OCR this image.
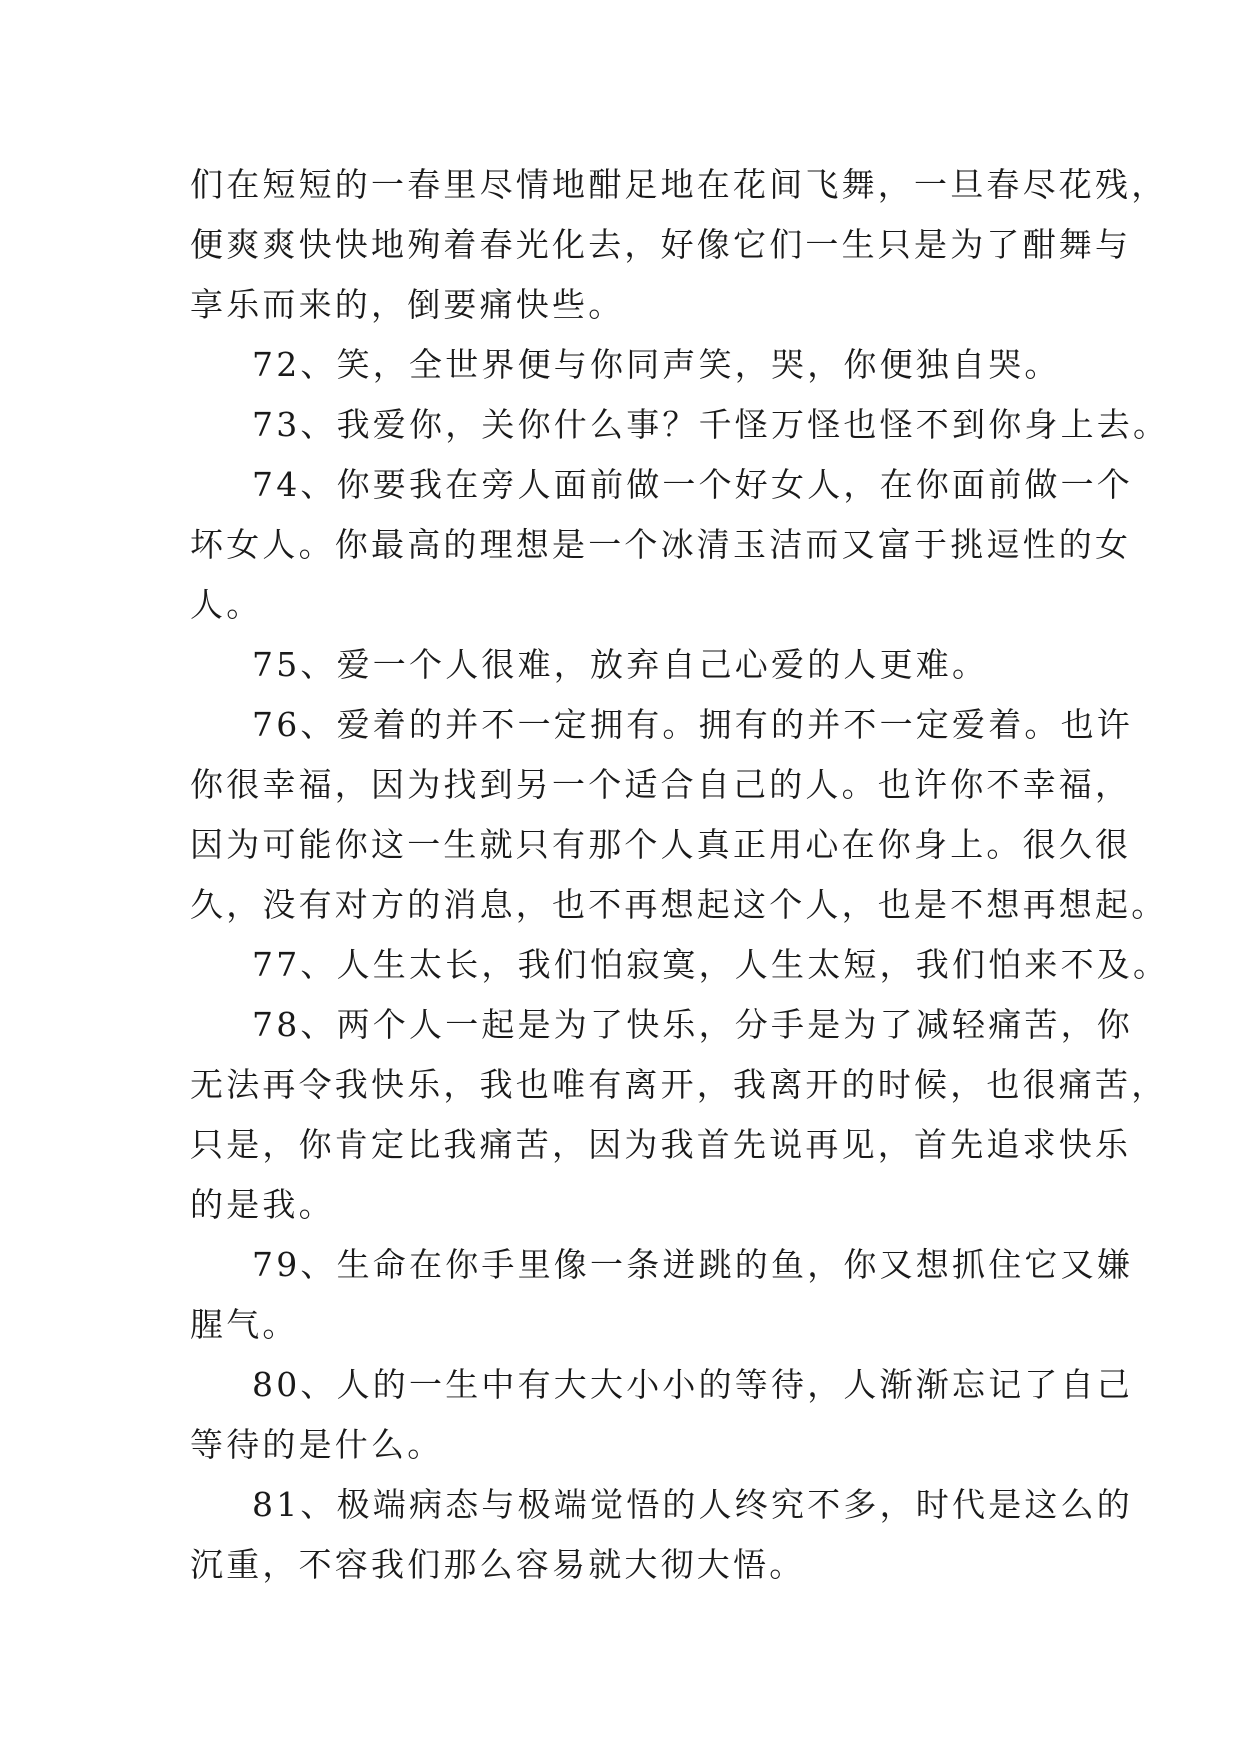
们在短短的一春里尽情地酣足地在花间飞舞，一旦春尽花残，
便爽爽快快地殉着春光化去，好像它们一生只是为了酣舞与
享乐而来的，倒要痛快些。
72、笑，全世界便与你同声笑，哭，你便独自哭。
73、我爱你，关你什么事？千怪万怪也怪不到你身上去。
74、你要我在旁人面前做一个好女人，在你面前做一个
坏女人。你最高的理想是一个冰清玉洁而又富于挑逗性的女
人。
75、爱一个人很难，放弃自己心爱的人更难。
76、爱着的并不一定拥有。拥有的并不一定爱着。也许
你很幸福，因为找到另一个适合自己的人。也许你不幸福，
因为可能你这一生就只有那个人真正用心在你身上。很久很
久，没有对方的消息，也不再想起这个人，也是不想再想起。
77、人生太长，我们怕寂寞，人生太短，我们怕来不及。
78、两个人一起是为了快乐，分手是为了减轻痛苦，你
无法再令我快乐，我也唯有离开，我离开的时候，也很痛苦，
只是，你肯定比我痛苦，因为我首先说再见，首先追求快乐
的是我。
79、生命在你手里像一条迸跳的鱼，你又想抓住它又嫌
腥气。
80、人的一生中有大大小小的等待，人渐渐忘记了自己
等待的是什么。
81、极端病态与极端觉悟的人终究不多，时代是这么的
沉重，不容我们那么容易就大彻大悟。
